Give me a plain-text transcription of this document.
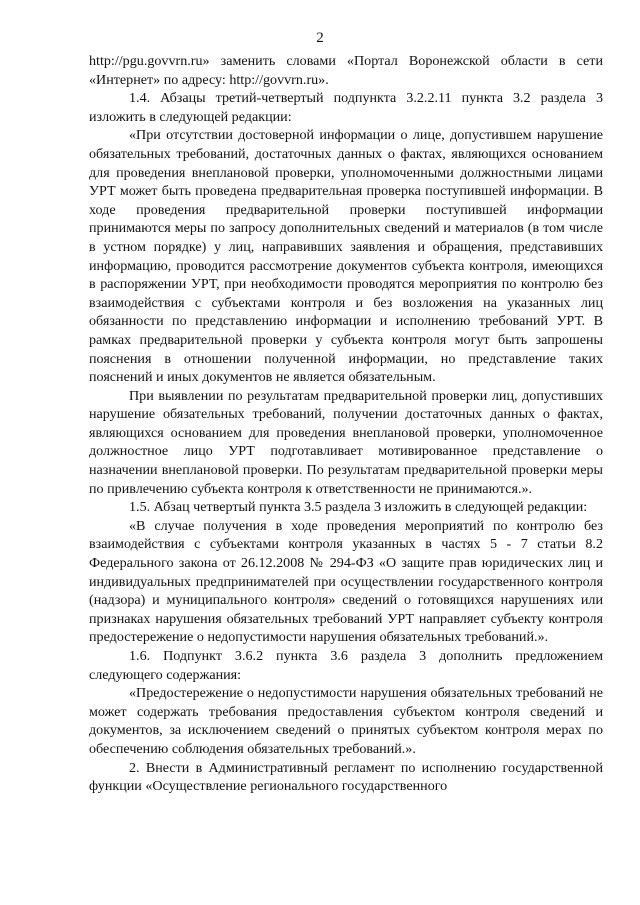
2

http://pgu.govvrn.ru» заменить словами «Портал Воронежской области в сети «Интернет» по адресу: http://govvrn.ru».

1.4. Абзацы третий-четвертый подпункта 3.2.2.11 пункта 3.2 раздела 3 изложить в следующей редакции:

«При отсутствии достоверной информации о лице, допустившем нарушение обязательных требований, достаточных данных о фактах, являющихся основанием для проведения внеплановой проверки, уполномоченными должностными лицами УРТ может быть проведена предварительная проверка поступившей информации. В ходе проведения предварительной проверки поступившей информации принимаются меры по запросу дополнительных сведений и материалов (в том числе в устном порядке) у лиц, направивших заявления и обращения, представивших информацию, проводится рассмотрение документов субъекта контроля, имеющихся в распоряжении УРТ, при необходимости проводятся мероприятия по контролю без взаимодействия с субъектами контроля и без возложения на указанных лиц обязанности по представлению информации и исполнению требований УРТ. В рамках предварительной проверки у субъекта контроля могут быть запрошены пояснения в отношении полученной информации, но представление таких пояснений и иных документов не является обязательным.

При выявлении по результатам предварительной проверки лиц, допустивших нарушение обязательных требований, получении достаточных данных о фактах, являющихся основанием для проведения внеплановой проверки, уполномоченное должностное лицо УРТ подготавливает мотивированное представление о назначении внеплановой проверки. По результатам предварительной проверки меры по привлечению субъекта контроля к ответственности не принимаются.».

1.5. Абзац четвертый пункта 3.5 раздела 3 изложить в следующей редакции:

«В случае получения в ходе проведения мероприятий по контролю без взаимодействия с субъектами контроля указанных в частях 5 - 7 статьи 8.2 Федерального закона от 26.12.2008 № 294-ФЗ «О защите прав юридических лиц и индивидуальных предпринимателей при осуществлении государственного контроля (надзора) и муниципального контроля» сведений о готовящихся нарушениях или признаках нарушения обязательных требований УРТ направляет субъекту контроля предостережение о недопустимости нарушения обязательных требований.».

1.6. Подпункт 3.6.2 пункта 3.6 раздела 3 дополнить предложением следующего содержания:

«Предостережение о недопустимости нарушения обязательных требований не может содержать требования предоставления субъектом контроля сведений и документов, за исключением сведений о принятых субъектом контроля мерах по обеспечению соблюдения обязательных требований.».

2. Внести в Административный регламент по исполнению государственной функции «Осуществление регионального государственного
